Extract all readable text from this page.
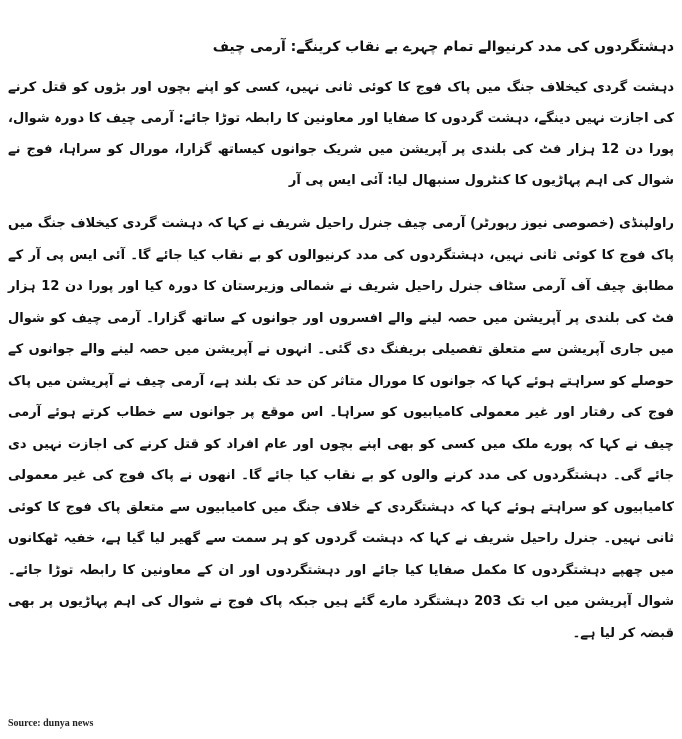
دہشتگردوں کی مدد کرنیوالے تمام چہرے بے نقاب کرینگے: آرمی چیف

دہشت گردی کیخلاف جنگ میں پاک فوج کا کوئی ثانی نہیں، کسی کو اپنے بچوں اور بڑوں کو قتل کرنے کی اجازت نہیں دینگے، دہشت گردوں کا صفایا اور معاونین کا رابطہ توڑا جائے: آرمی چیف کا دورہ شوال، پورا دن 12 ہزار فٹ کی بلندی پر آپریشن میں شریک جوانوں کیساتھ گزارا، مورال کو سراہا، فوج نے شوال کی اہم پہاڑیوں کا کنٹرول سنبھال لیا: آئی ایس پی آر

راولپنڈی (خصوصی نیوز رپورٹر) آرمی چیف جنرل راحیل شریف نے کہا کہ دہشت گردی کیخلاف جنگ میں پاک فوج کا کوئی ثانی نہیں، دہشتگردوں کی مدد کرنیوالوں کو بے نقاب کیا جائے گا۔ آئی ایس پی آر کے مطابق چیف آف آرمی سٹاف جنرل راحیل شریف نے شمالی وزیرستان کا دورہ کیا اور پورا دن 12 ہزار فٹ کی بلندی پر آپریشن میں حصہ لینے والے افسروں اور جوانوں کے ساتھ گزارا۔ آرمی چیف کو شوال میں جاری آپریشن سے متعلق تفصیلی بریفنگ دی گئی۔ انہوں نے آپریشن میں حصہ لینے والے جوانوں کے حوصلے کو سراہتے ہوئے کہا کہ جوانوں کا مورال متاثر کن حد تک بلند ہے، آرمی چیف نے آپریشن میں پاک فوج کی رفتار اور غیر معمولی کامیابیوں کو سراہا۔ اس موقع پر جوانوں سے خطاب کرتے ہوئے آرمی چیف نے کہا کہ پورے ملک میں کسی کو بھی اپنے بچوں اور عام افراد کو قتل کرنے کی اجازت نہیں دی جائے گی۔ دہشتگردوں کی مدد کرنے والوں کو بے نقاب کیا جائے گا۔ انھوں نے پاک فوج کی غیر معمولی کامیابیوں کو سراہتے ہوئے کہا کہ دہشتگردی کے خلاف جنگ میں کامیابیوں سے متعلق پاک فوج کا کوئی ثانی نہیں۔ جنرل راحیل شریف نے کہا کہ دہشت گردوں کو ہر سمت سے گھیر لیا گیا ہے، خفیہ ٹھکانوں میں چھپے دہشتگردوں کا مکمل صفایا کیا جائے اور دہشتگردوں اور ان کے معاونین کا رابطہ توڑا جائے۔ شوال آپریشن میں اب تک 203 دہشتگرد مارے گئے ہیں جبکہ پاک فوج نے شوال کی اہم پہاڑیوں پر بھی قبضہ کر لیا ہے۔

Source: dunya news
